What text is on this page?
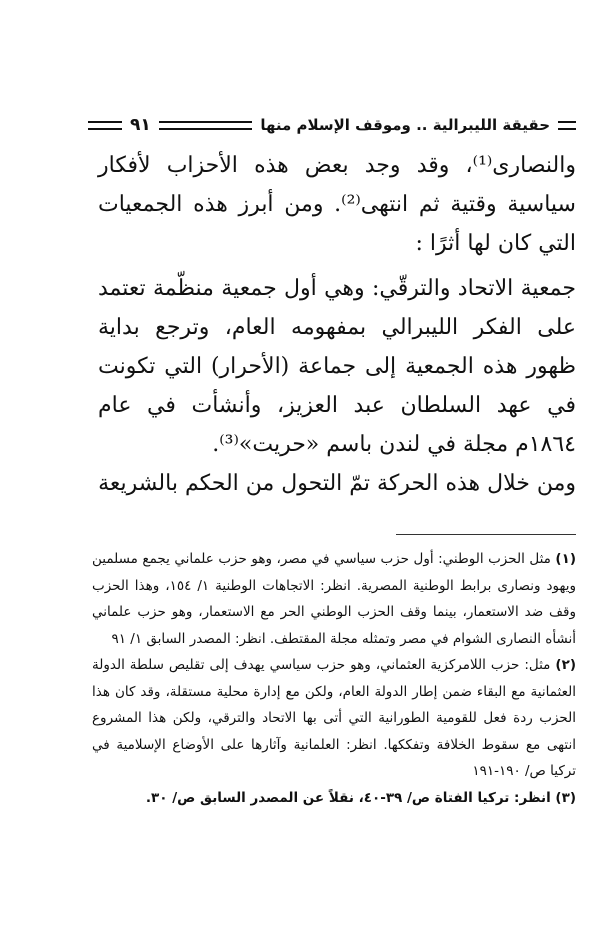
حقيقة الليبرالية .. وموقف الإسلام منها
٩١

والنصارى⁽¹⁾، وقد وجد بعض هذه الأحزاب لأفكار سياسية وقتية ثم انتهى⁽²⁾. ومن أبرز هذه الجمعيات التي كان لها أثرًا :

جمعية الاتحاد والترقّي: وهي أول جمعية منظّمة تعتمد على الفكر الليبرالي بمفهومه العام، وترجع بداية ظهور هذه الجمعية إلى جماعة (الأحرار) التي تكونت في عهد السلطان عبد العزيز، وأنشأت في عام ١٨٦٤م مجلة في لندن باسم «حريت»⁽³⁾.

ومن خلال هذه الحركة تمّ التحول من الحكم بالشريعة

(١) مثل الحزب الوطني: أول حزب سياسي في مصر، وهو حزب علماني يجمع مسلمين ويهود ونصارى برابط الوطنية المصرية. انظر: الاتجاهات الوطنية ١/ ١٥٤، وهذا الحزب وقف ضد الاستعمار، بينما وقف الحزب الوطني الحر مع الاستعمار، وهو حزب علماني أنشأه النصارى الشوام في مصر وتمثله مجلة المقتطف. انظر: المصدر السابق ١/ ٩١

(٢) مثل: حزب اللامركزية العثماني، وهو حزب سياسي يهدف إلى تقليص سلطة الدولة العثمانية مع البقاء ضمن إطار الدولة العام، ولكن مع إدارة محلية مستقلة، وقد كان هذا الحزب ردة فعل للقومية الطورانية التي أتى بها الاتحاد والترقي، ولكن هذا المشروع انتهى مع سقوط الخلافة وتفككها. انظر: العلمانية وآثارها على الأوضاع الإسلامية في تركيا ص/ ١٩٠-١٩١

(٣) انظر: تركيا الفتاة ص/ ٣٩-٤٠، نقلاً عن المصدر السابق ص/ ٣٠.
